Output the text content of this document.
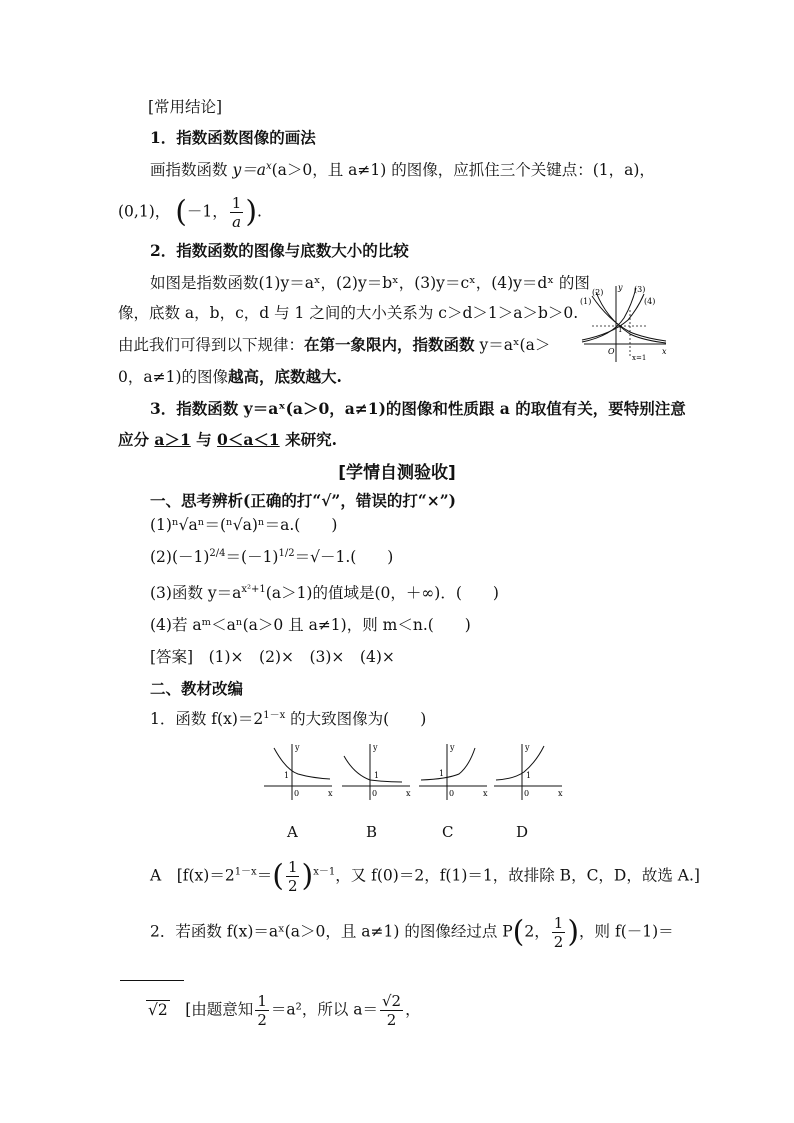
[常用结论]
1．指数函数图像的画法
画指数函数 $y=a^x(a>0$，且 a≠1) 的图像，应抓住三个关键点：(1，a)，
(0,1)， (－1， $\frac{1}{a}$ ).
2．指数函数的图像与底数大小的比较
如图是指数函数(1)y＝aˣ，(2)y＝bˣ，(3)y＝cˣ，(4)y＝dˣ 的图
像，底数 a，b，c，d 与 1 之间的大小关系为 c＞d＞1＞a＞b＞0.
由此我们可得到以下规律：在第一象限内，指数函数 y＝aˣ(a＞
0，a≠1)的图像越高，底数越大.
(1)
(2)	(3)
(4)
y
x
O
1
x=1
3．指数函数 y＝aˣ(a＞0，a≠1)的图像和性质跟 a 的取值有关，要特别注意
应分 a＞1 与 0＜a＜1 来研究.
[学情自测验收]
一、思考辨析(正确的打“√”，错误的打“×”)
(1)ⁿ√aⁿ＝(ⁿ√a)ⁿ＝a.(　　)
$(2)(-1)^{2/4}=(-1)^{1/2}=√-1$.(　　)
(3)函数 $y=a^{x^2+1}(a>1)$的值域是(0，＋∞)．(　　)
(4)若 aᵐ＜aⁿ(a＞0 且 a≠1)，则 m＜n.(　　)
[答案]　(1)×　(2)×　(3)×　(4)×
二、教材改编
1．函数 $f(x)=2^{1-x}$ 的大致图像为(　　)
y
x
0
1
y
x
0
1
y
x
0
1
y
x
0
1
A	B	C	D
A　[$f(x)=2^{1-x}=( \frac{1}{2} )^{x-1}$，又 f(0)＝2，f(1)＝1，故排除 B，C，D，故选 A.]
2．若函数 f(x)＝aˣ(a＞0，且 a≠1) 的图像经过点 P(2， $\frac{1}{2}$ )，则 f(－1)＝
√2　[由题意知 $\frac{1}{2} =a^2$，所以 $a= \frac{√2}{2}$ ，
